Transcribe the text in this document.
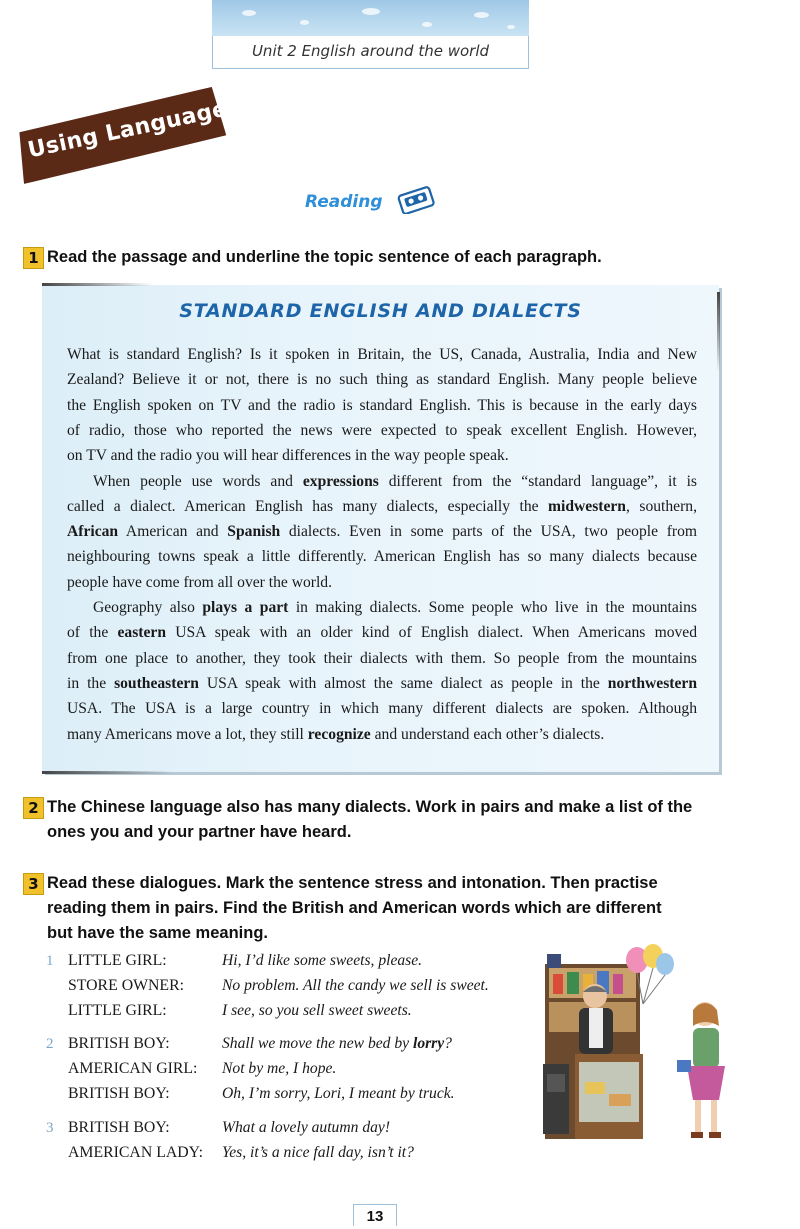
Unit 2 English around the world
Using Language
Reading
1 Read the passage and underline the topic sentence of each paragraph.
STANDARD ENGLISH AND DIALECTS
What is standard English? Is it spoken in Britain, the US, Canada, Australia, India and New
Zealand? Believe it or not, there is no such thing as standard English. Many people believe
the English spoken on TV and the radio is standard English. This is because in the early days
of radio, those who reported the news were expected to speak excellent English. However,
on TV and the radio you will hear differences in the way people speak.
When people use words and expressions different from the “standard language”, it is
called a dialect. American English has many dialects, especially the midwestern, southern,
African American and Spanish dialects. Even in some parts of the USA, two people from
neighbouring towns speak a little differently. American English has so many dialects because
people have come from all over the world.
Geography also plays a part in making dialects. Some people who live in the mountains
of the eastern USA speak with an older kind of English dialect. When Americans moved
from one place to another, they took their dialects with them. So people from the mountains
in the southeastern USA speak with almost the same dialect as people in the northwestern
USA. The USA is a large country in which many different dialects are spoken. Although
many Americans move a lot, they still recognize and understand each other’s dialects.
2 The Chinese language also has many dialects. Work in pairs and make a list of the
ones you and your partner have heard.
3 Read these dialogues. Mark the sentence stress and intonation. Then practise
reading them in pairs. Find the British and American words which are different
but have the same meaning.
1 LITTLE GIRL:	Hi, I’d like some sweets, please.
STORE OWNER: No problem. All the candy we sell is sweet.
LITTLE GIRL:	I see, so you sell sweet sweets.
2 BRITISH BOY:	Shall we move the new bed by lorry?
AMERICAN GIRL: Not by me, I hope.
BRITISH BOY:	Oh, I’m sorry, Lori, I meant by truck.
3 BRITISH BOY:	What a lovely autumn day!
AMERICAN LADY: Yes, it’s a nice fall day, isn’t it?
13
